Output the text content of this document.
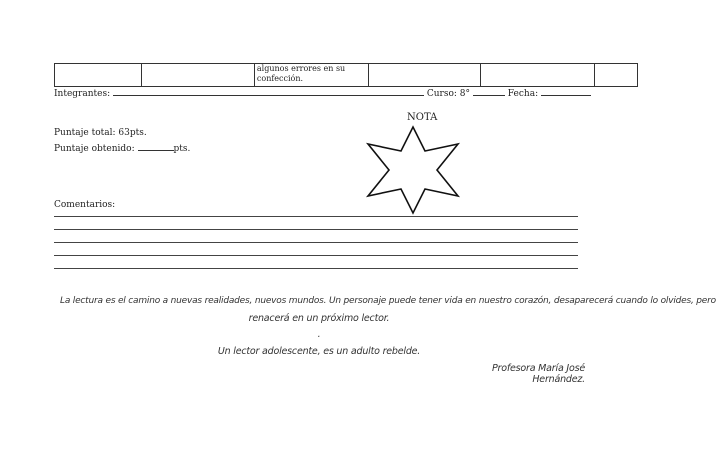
		algunos errores en su
confección.			
Integrantes:	Curso: 8°	Fecha:
Puntaje total: 63pts.
Puntaje obtenido:	pts.
NOTA
Comentarios:
La lectura es el camino a nuevas realidades, nuevos mundos. Un personaje puede tener vida en nuestro corazón, desaparecerá cuando lo olvides, pero
renacerá en un próximo lector.
.
Un lector adolescente, es un adulto rebelde.
Profesora María José Hernández.
